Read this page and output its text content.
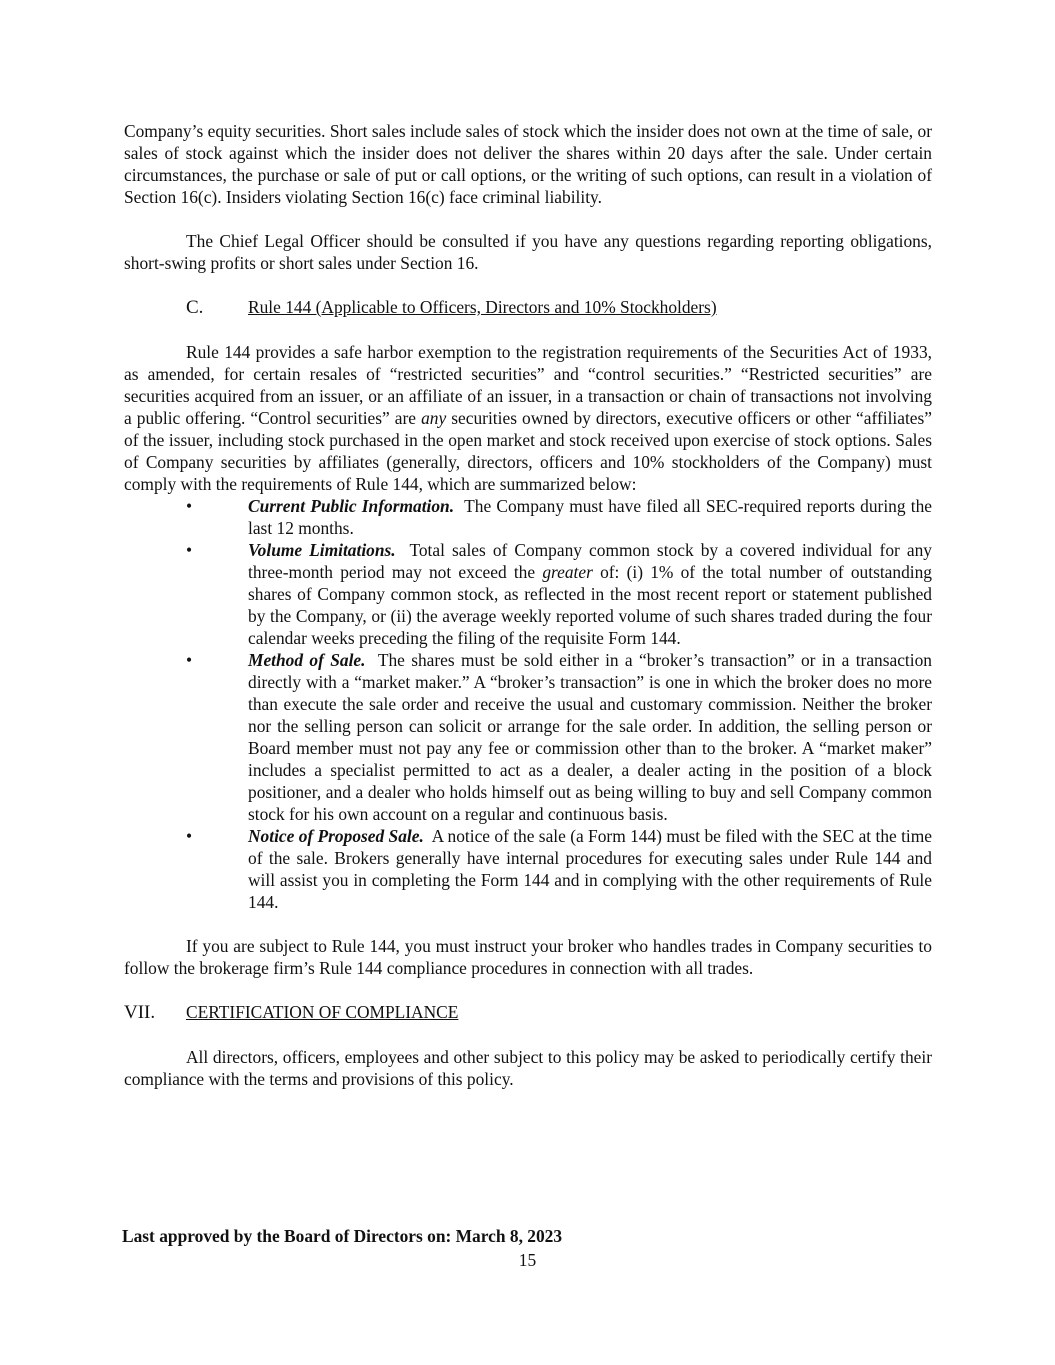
Company’s equity securities. Short sales include sales of stock which the insider does not own at the time of sale, or sales of stock against which the insider does not deliver the shares within 20 days after the sale. Under certain circumstances, the purchase or sale of put or call options, or the writing of such options, can result in a violation of Section 16(c). Insiders violating Section 16(c) face criminal liability.

The Chief Legal Officer should be consulted if you have any questions regarding reporting obligations, short-swing profits or short sales under Section 16.

C.	Rule 144 (Applicable to Officers, Directors and 10% Stockholders)

Rule 144 provides a safe harbor exemption to the registration requirements of the Securities Act of 1933, as amended, for certain resales of “restricted securities” and “control securities.” “Restricted securities” are securities acquired from an issuer, or an affiliate of an issuer, in a transaction or chain of transactions not involving a public offering. “Control securities” are any securities owned by directors, executive officers or other “affiliates” of the issuer, including stock purchased in the open market and stock received upon exercise of stock options. Sales of Company securities by affiliates (generally, directors, officers and 10% stockholders of the Company) must comply with the requirements of Rule 144, which are summarized below:

•	Current Public Information. The Company must have filed all SEC-required reports during the last 12 months.
•	Volume Limitations. Total sales of Company common stock by a covered individual for any three-month period may not exceed the greater of: (i) 1% of the total number of outstanding shares of Company common stock, as reflected in the most recent report or statement published by the Company, or (ii) the average weekly reported volume of such shares traded during the four calendar weeks preceding the filing of the requisite Form 144.
•	Method of Sale. The shares must be sold either in a “broker’s transaction” or in a transaction directly with a “market maker.” A “broker’s transaction” is one in which the broker does no more than execute the sale order and receive the usual and customary commission. Neither the broker nor the selling person can solicit or arrange for the sale order. In addition, the selling person or Board member must not pay any fee or commission other than to the broker. A “market maker” includes a specialist permitted to act as a dealer, a dealer acting in the position of a block positioner, and a dealer who holds himself out as being willing to buy and sell Company common stock for his own account on a regular and continuous basis.
•	Notice of Proposed Sale. A notice of the sale (a Form 144) must be filed with the SEC at the time of the sale. Brokers generally have internal procedures for executing sales under Rule 144 and will assist you in completing the Form 144 and in complying with the other requirements of Rule 144.

If you are subject to Rule 144, you must instruct your broker who handles trades in Company securities to follow the brokerage firm’s Rule 144 compliance procedures in connection with all trades.

VII.	CERTIFICATION OF COMPLIANCE

All directors, officers, employees and other subject to this policy may be asked to periodically certify their compliance with the terms and provisions of this policy.

Last approved by the Board of Directors on: March 8, 2023
15
